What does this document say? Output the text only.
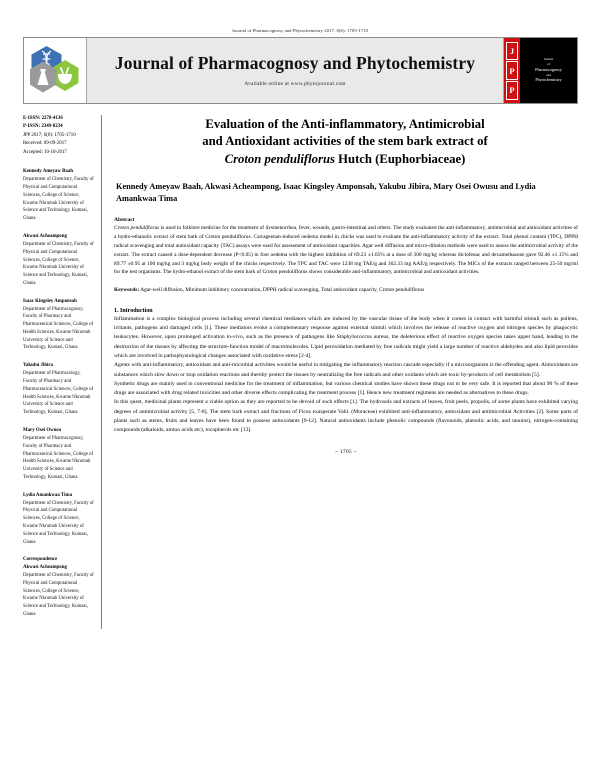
Journal of Pharmacognosy and Phytochemistry 2017; 6(6): 1705-1710
Journal of Pharmacognosy and Phytochemistry
Available online at www.phytojournal.com
J
P
P
Journal
of
Pharmacognosy
and
Phytochemistry
E-ISSN: 2278-4136
P-ISSN: 2349-8234
JPP 2017; 6(6): 1705-1710
Received: 09-09-2017
Accepted: 10-10-2017
Kennedy Ameyaw Baah
Department of Chemistry, Faculty of Physical and Computational Sciences, College of Science, Kwame Nkrumah University of Science and Technology, Kumasi, Ghana
Akwasi Acheampong
Department of Chemistry, Faculty of Physical and Computational Sciences, College of Science, Kwame Nkrumah University of Science and Technology, Kumasi, Ghana
Isaac Kingsley Amponsah
Department of Pharmacognosy, Faculty of Pharmacy and Pharmaceutical Sciences, College of Health Sciences, Kwame Nkrumah University of Science and Technology, Kumasi, Ghana
Yakubu Jibira
Department of Pharmacology, Faculty of Pharmacy and Pharmaceutical Sciences, College of Health Sciences, Kwame Nkrumah University of Science and Technology, Kumasi, Ghana
Mary Osei Owusu
Department of Pharmacognosy, Faculty of Pharmacy and Pharmaceutical Sciences, College of Health Sciences, Kwame Nkrumah University of Science and Technology, Kumasi, Ghana
Lydia Amankwaa Tima
Department of Chemistry, Faculty of Physical and Computational Sciences, College of Science, Kwame Nkrumah University of Science and Technology, Kumasi, Ghana
Correspondence
Akwasi Acheampong
Department of Chemistry, Faculty of Physical and Computational Sciences, College of Science, Kwame Nkrumah University of Science and Technology, Kumasi, Ghana
Evaluation of the Anti-inflammatory, Antimicrobial
and Antioxidant activities of the stem bark extract of
Croton penduliflorus Hutch (Euphorbiaceae)
Kennedy Ameyaw Baah, Akwasi Acheampong, Isaac Kingsley Amponsah, Yakubu Jibira, Mary Osei Owusu and Lydia Amankwaa Tima
Abstract

Croton penduliflorus is used in folklore medicine for the treatment of dysmenorrhea, fever, wounds, gastro-intestinal and others. The study evaluated the anti-inflammatory, antimicrobial and antioxidant activities of a hydro-ethanolic extract of stem bark of Croton penduliflorus. Carrageenan-induced oedema model in chicks was used to evaluate the anti-inflammatory activity of the extract. Total phenol content (TPC), DPPH radical scavenging and total antioxidant capacity (TAC) assays were used for assessment of antioxidant capacities. Agar well diffusion and micro-dilution methods were used to assess the antimicrobial activity of the extract. The extract caused a dose-dependent decrease (P<0.05) in foot oedema with the highest inhibition of 69.23 ±1.05% at a dose of 300 mg/kg whereas diclofenac and dexamethasone gave 92.46 ±1.15% and 89.77 ±0.95 at 100 mg/kg and 3 mg/kg body weight of the chicks respectively. The TPC and TAC were 1238 mg TAE/g and 362.33 mg AAE/g respectively. The MICs of the extracts ranged between 25-50 mg/ml for the test organisms. The hydro-ethanol extract of the stem bark of Croton penduliflorus shows considerable anti-inflammatory, antimicrobial and antioxidant activities.

Keywords: Agar-well diffusion, Minimum inhibitory concentration, DPPH radical scavenging, Total antioxidant capacity, Croton penduliflorus

1. Introduction

Inflammation is a complex biological process including several chemical mediators which are induced by the vascular tissue of the body when it comes in contact with harmful stimuli such as pollens, irritants, pathogens and damaged cells [1]. These mediators evoke a complementary response against external stimuli which involves the release of reactive oxygen and nitrogen species by phagocytic leukocytes. However, upon prolonged activation in-vivo, such as the presence of pathogens like Staphylococcus aureus, the deleterious effect of reactive oxygen species takes upper hand, leading to the destruction of the tissues by affecting the structure-function model of macromolecules. Lipid peroxidation mediated by free radicals might yield a large number of reactive aldehydes and also lipid peroxides which are involved in pathophysiological changes associated with oxidative stress [2-4].

Agents with anti-inflammatory, antioxidant and anti-microbial activities would be useful in mitigating the inflammatory reaction cascade especially if a microorganism is the offending agent. Antioxidants are substances which slow down or stop oxidation reactions and thereby protect the tissues by neutralizing the free radicals and other oxidants which are toxic by-products of cell metabolism [5].

Synthetic drugs are mainly used in conventional medicine for the treatment of inflammation, but various chemical studies have shown these drugs not to be very safe. It is reported that about 90 % of these drugs are associated with drug related toxicities and other diverse effects complicating the treatment process [1]. Hence new treatment regimens are needed as alternatives to these drugs.

In this quest, medicinal plants represent a viable option as they are reported to be devoid of such effects [1]. The hydrosols and extracts of leaves, fruit peels, propolis, of some plants have exhibited varying degrees of antimicrobial activity [5, 7-8]. The stem bark extract and fractions of Ficus exasperate Vahl. (Moraceae) exhibited anti-inflammatory, antioxidant and antimicrobial Activities [2]. Some parts of plants such as stems, fruits and leaves have been found to possess antioxidants [9-12]. Natural antioxidants include phenolic compounds (flavonoids, phenolic acids, and tannins), nitrogen-containing compounds (alkaloids, amino acids etc), tocopherols etc [13].

~ 1705 ~
